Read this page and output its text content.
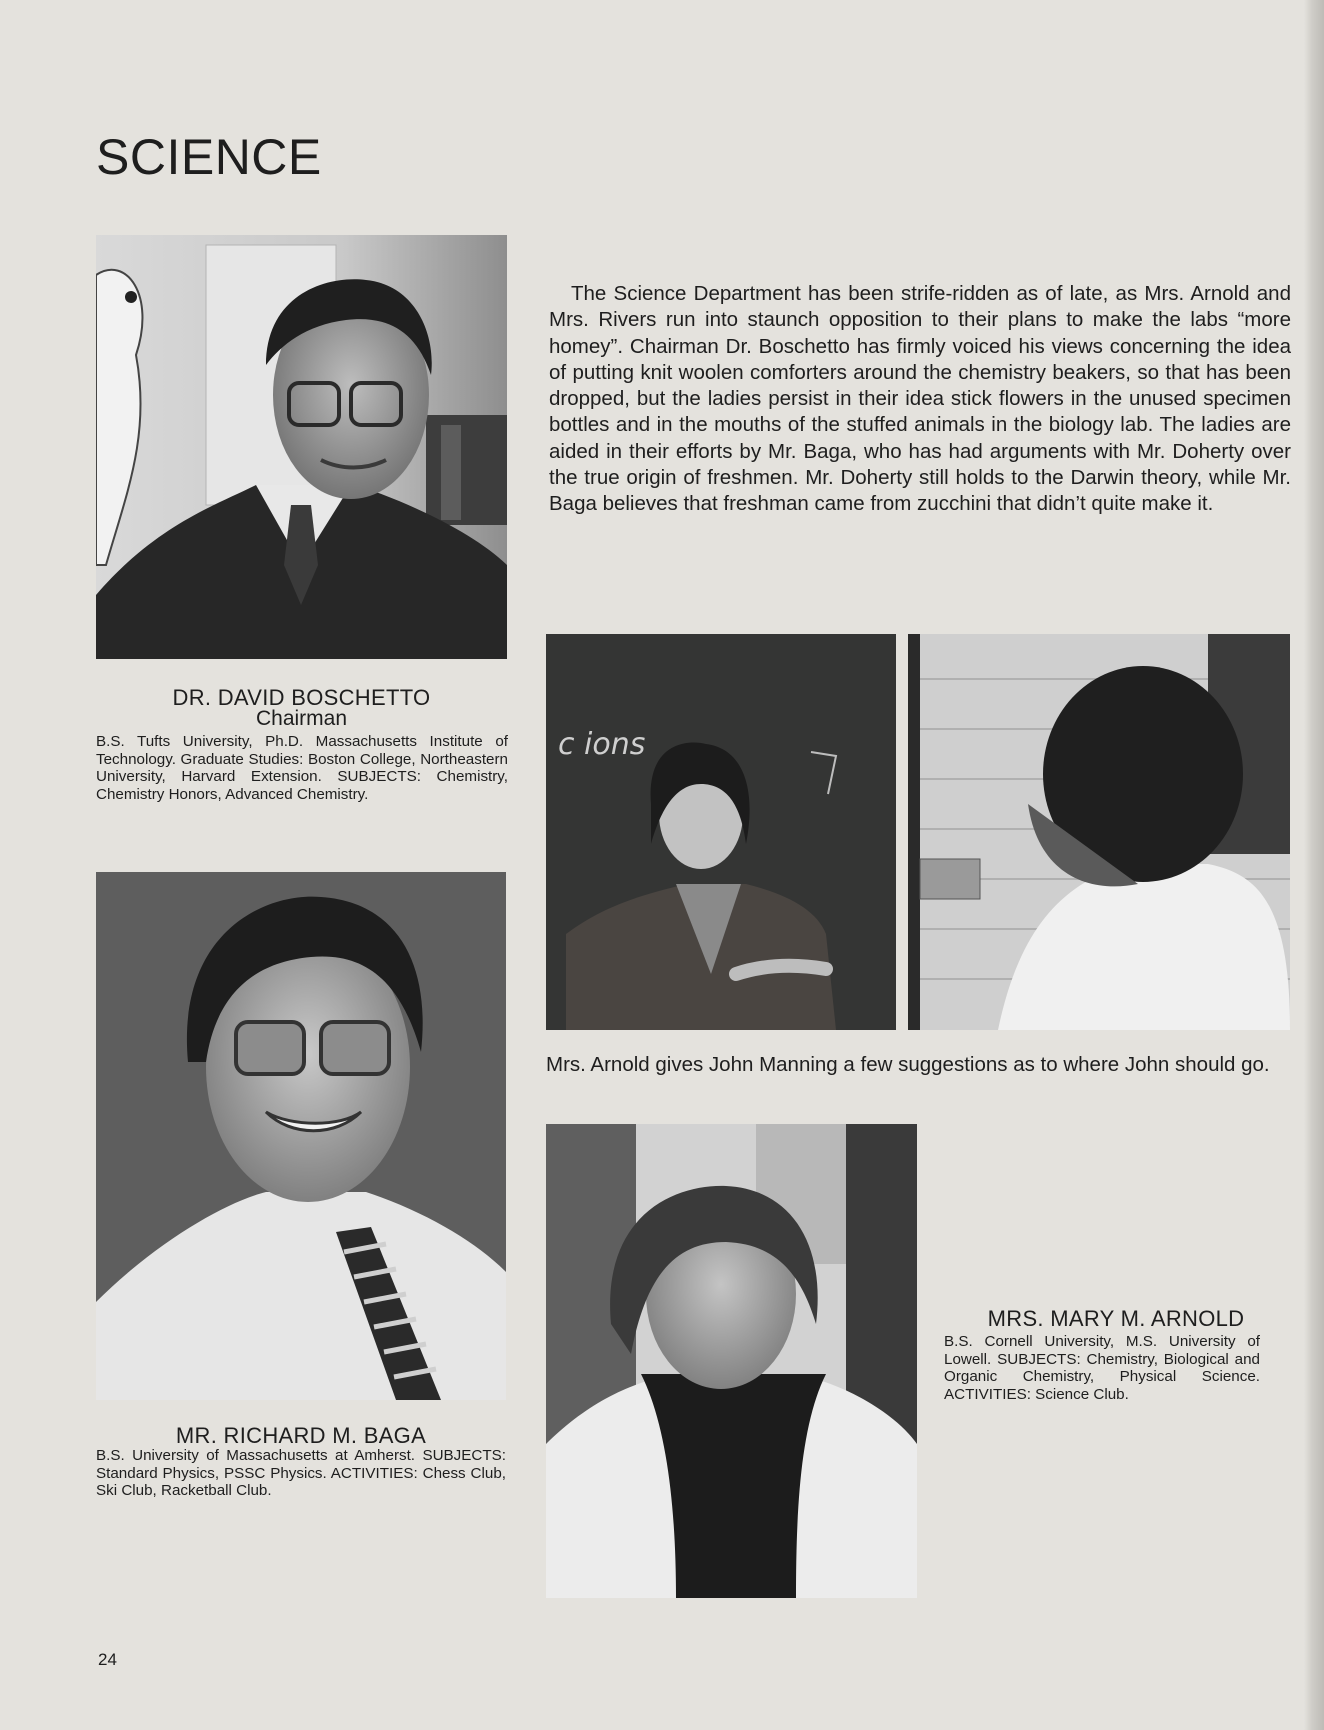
SCIENCE
DR. DAVID BOSCHETTO
Chairman

B.S. Tufts University, Ph.D. Massachusetts Institute of Technology. Graduate Studies: Boston College, Northeastern University, Harvard Extension. SUBJECTS: Chemistry, Chemistry Honors, Advanced Chemistry.

The Science Department has been strife-ridden as of late, as Mrs. Arnold and Mrs. Rivers run into staunch opposition to their plans to make the labs “more homey”. Chairman Dr. Boschetto has firmly voiced his views concerning the idea of putting knit woolen comforters around the chemistry beakers, so that has been dropped, but the ladies persist in their idea stick flowers in the unused specimen bottles and in the mouths of the stuffed animals in the biology lab. The ladies are aided in their efforts by Mr. Baga, who has had arguments with Mr. Doherty over the true origin of freshmen. Mr. Doherty still holds to the Darwin theory, while Mr. Baga believes that freshman came from zucchini that didn’t quite make it.

c ions

Mrs. Arnold gives John Manning a few suggestions as to where John should go.

MR. RICHARD M. BAGA

B.S. University of Massachusetts at Amherst. SUBJECTS: Standard Physics, PSSC Physics. ACTIVITIES: Chess Club, Ski Club, Racketball Club.

MRS. MARY M. ARNOLD

B.S. Cornell University, M.S. University of Lowell. SUBJECTS: Chemistry, Biological and Organic Chemistry, Physical Science. ACTIVITIES: Science Club.

24
